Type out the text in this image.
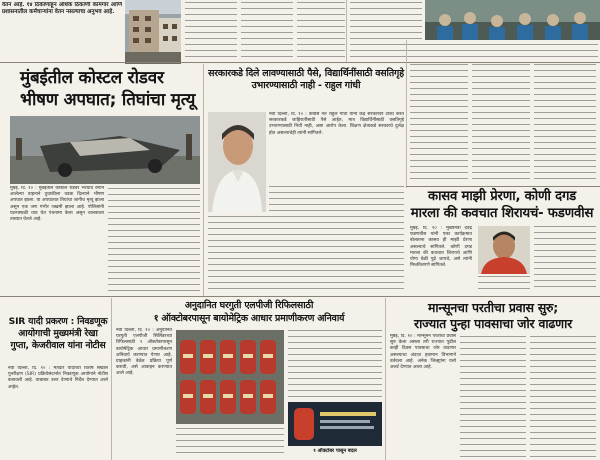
वेतन आहे. १४ ठिकाणांहून अधिक ठिकाणी कामगार आणि प्रशासनातील कर्मचाऱ्यांना वेतन नसल्याचा अनुभव आहे.
मुंबईतील कोस्टल रोडवर
भीषण अपघात; तिघांचा मृत्यू
मुंबई, दि. १० : मुंबईतील कोस्टल रोडवर भरधाव वेगाने आलेल्या वाहनाने दुचाकीला धडक दिल्याने भीषण अपघात झाला. या अपघातात तिघांचा जागीच मृत्यू झाला असून एक जण गंभीर जखमी झाला आहे. पोलिसांनी घटनास्थळी धाव घेत पंचनामा केला असून चालकाला ताब्यात घेतले आहे.
सरकारकडे दिले लावण्यासाठी पैसे, विद्यार्थिनींसाठी वसतिगृहे उभारण्यासाठी नाही - राहुल गांधी
नवी दिल्ली, दि. १० : काँग्रेस नेते राहुल गांधी यांनी केंद्र सरकारवर टीका करत सरकारकडे जाहिरातींसाठी पैसे आहेत, मात्र विद्यार्थिनींसाठी वसतिगृहे उभारण्यासाठी निधी नाही, असा आरोप केला. शिक्षण क्षेत्राकडे सरकारचे दुर्लक्ष होत असल्याचेही त्यांनी सांगितले.
कासव माझी प्रेरणा, कोणी दगड
मारला की कवचात शिरायचं- फडणवीस
मुंबई, दि. १० : मुख्यमंत्री देवेंद्र फडणवीस यांनी एका कार्यक्रमात बोलताना कासव ही माझी प्रेरणा असल्याचे सांगितले. कोणी दगड मारला की कवचात शिरायचे आणि योग्य वेळी पुढे जायचे, असे त्यांनी मिश्कीलपणे सांगितले.
SIR यादी प्रकरण : निवडणूक आयोगाची मुख्यमंत्री रेखा गुप्ता, केजरीवाल यांना नोटीस
नवी दिल्ली, दि. १० : मतदार यादीच्या विशेष सखोल पुनरीक्षण (SIR) प्रक्रियेसंदर्भात निवडणूक आयोगाने नोटीस बजावली आहे. याबाबत उत्तर देण्याचे निर्देश देण्यात आले आहेत.
अनुदानित घरगुती एलपीजी रिफिलसाठी
१ ऑक्टोबरपासून बायोमेट्रिक आधार प्रमाणीकरण अनिवार्य
नवी दिल्ली, दि. १० : अनुदानित घरगुती एलपीजी सिलिंडरच्या रिफिलसाठी १ ऑक्टोबरपासून बायोमेट्रिक आधार प्रमाणीकरण अनिवार्य करण्यात येणार आहे. ग्राहकांनी वेळेत प्रक्रिया पूर्ण करावी, असे आवाहन करण्यात आले आहे.
१ ऑक्टोबर पासून बदल
मान्सूनचा परतीचा प्रवास सुरु;
राज्यात पुन्हा पावसाचा जोर वाढणार
मुंबई, दि. १० : मान्सूनने परतीचा प्रवास सुरु केला असला तरी राज्यात पुढील काही दिवस पावसाचा जोर वाढणार असल्याचा अंदाज हवामान विभागाने वर्तवला आहे. अनेक जिल्ह्यांना यलो अलर्ट देण्यात आला आहे.
